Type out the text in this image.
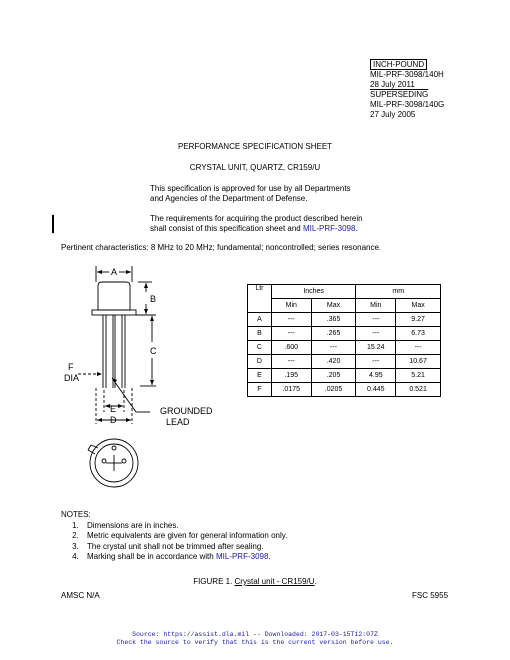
INCH-POUND
MIL-PRF-3098/140H
28 July 2011
SUPERSEDING
MIL-PRF-3098/140G
27 July 2005
PERFORMANCE SPECIFICATION SHEET
CRYSTAL UNIT, QUARTZ, CR159/U
This specification is approved for use by all Departments
and Agencies of the Department of Defense.
The requirements for acquiring the product described herein
shall consist of this specification sheet and MIL-PRF-3098.
Pertinent characteristics: 8 MHz to 20 MHz; fundamental; noncontrolled; series resonance.
A
B
C
F
DIA
E
D
GROUNDED
LEAD
Ltr	Inches		mm	
	Min	Max	Min	Max
A	---	.365	---	9.27
B	---	.265	---	6.73
C	.600	---	15.24	---
D	---	.420	---	10.67
E	.195	.205	4.95	5.21
F	.0175	.0205	0.445	0.521
NOTES:
1. Dimensions are in inches.
2. Metric equivalents are given for general information only.
3. The crystal unit shall not be trimmed after sealing.
4. Marking shall be in accordance with MIL-PRF-3098.
FIGURE 1. Crystal unit - CR159/U.
AMSC N/A	FSC 5955
Source: https://assist.dla.mil -- Downloaded: 2017-03-15T12:07Z
Check the source to verify that this is the current version before use.
